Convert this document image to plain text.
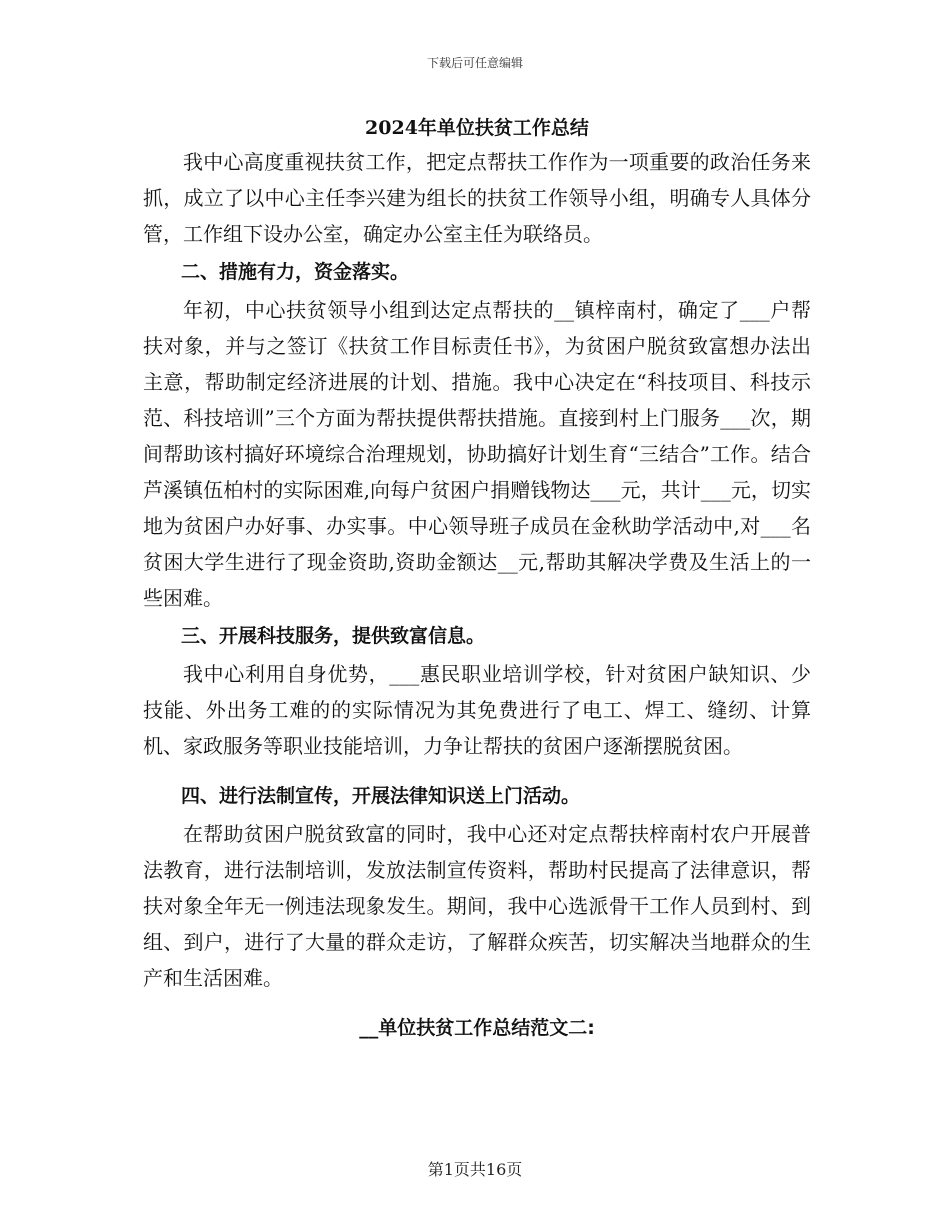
下载后可任意编辑
2024年单位扶贫工作总结

我中心高度重视扶贫工作，把定点帮扶工作作为一项重要的政治任务来抓，成立了以中心主任李兴建为组长的扶贫工作领导小组，明确专人具体分管，工作组下设办公室，确定办公室主任为联络员。

二、措施有力，资金落实。

年初，中心扶贫领导小组到达定点帮扶的__镇梓南村，确定了___户帮扶对象，并与之签订《扶贫工作目标责任书》，为贫困户脱贫致富想办法出主意，帮助制定经济进展的计划、措施。我中心决定在“科技项目、科技示范、科技培训”三个方面为帮扶提供帮扶措施。直接到村上门服务___次，期间帮助该村搞好环境综合治理规划，协助搞好计划生育“三结合”工作。结合芦溪镇伍柏村的实际困难,向每户贫困户捐赠钱物达___元，共计___元，切实地为贫困户办好事、办实事。中心领导班子成员在金秋助学活动中,对___名贫困大学生进行了现金资助,资助金额达__元,帮助其解决学费及生活上的一些困难。

三、开展科技服务，提供致富信息。

我中心利用自身优势，___惠民职业培训学校，针对贫困户缺知识、少技能、外出务工难的的实际情况为其免费进行了电工、焊工、缝纫、计算机、家政服务等职业技能培训，力争让帮扶的贫困户逐渐摆脱贫困。

四、进行法制宣传，开展法律知识送上门活动。

在帮助贫困户脱贫致富的同时，我中心还对定点帮扶梓南村农户开展普法教育，进行法制培训，发放法制宣传资料，帮助村民提高了法律意识，帮扶对象全年无一例违法现象发生。期间，我中心选派骨干工作人员到村、到组、到户，进行了大量的群众走访，了解群众疾苦，切实解决当地群众的生产和生活困难。

__单位扶贫工作总结范文二:

第1页共16页
